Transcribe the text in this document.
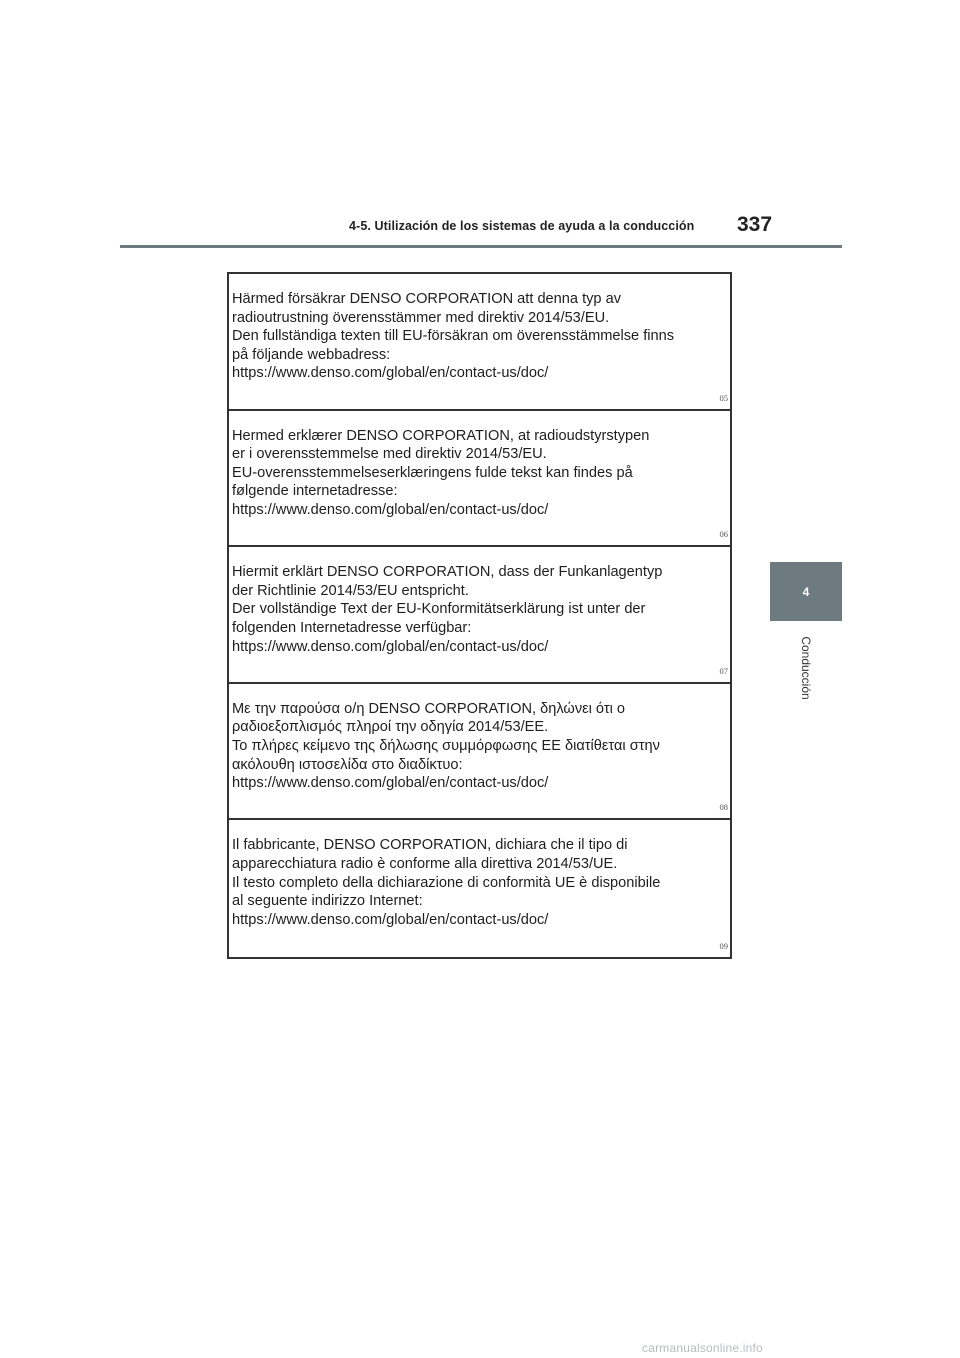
4-5. Utilización de los sistemas de ayuda a la conducción 337
4
Conducción
Härmed försäkrar DENSO CORPORATION att denna typ av
radioutrustning överensstämmer med direktiv 2014/53/EU.
Den fullständiga texten till EU-försäkran om överensstämmelse finns
på följande webbadress:
https://www.denso.com/global/en/contact-us/doc/
05
Hermed erklærer DENSO CORPORATION, at radioudstyrstypen
er i overensstemmelse med direktiv 2014/53/EU.
EU-overensstemmelseserklæringens fulde tekst kan findes på
følgende internetadresse:
https://www.denso.com/global/en/contact-us/doc/
06
Hiermit erklärt DENSO CORPORATION, dass der Funkanlagentyp
der Richtlinie 2014/53/EU entspricht.
Der vollständige Text der EU-Konformitätserklärung ist unter der
folgenden Internetadresse verfügbar:
https://www.denso.com/global/en/contact-us/doc/
07
Με την παρούσα ο/η DENSO CORPORATION, δηλώνει ότι ο
ραδιοεξοπλισμός πληροί την οδηγία 2014/53/ΕΕ.
Το πλήρες κείμενο της δήλωσης συμμόρφωσης ΕΕ διατίθεται στην
ακόλουθη ιστοσελίδα στο διαδίκτυο:
https://www.denso.com/global/en/contact-us/doc/
08
Il fabbricante, DENSO CORPORATION, dichiara che il tipo di
apparecchiatura radio è conforme alla direttiva 2014/53/UE.
Il testo completo della dichiarazione di conformità UE è disponibile
al seguente indirizzo Internet:
https://www.denso.com/global/en/contact-us/doc/
09
carmanualsonline.info
